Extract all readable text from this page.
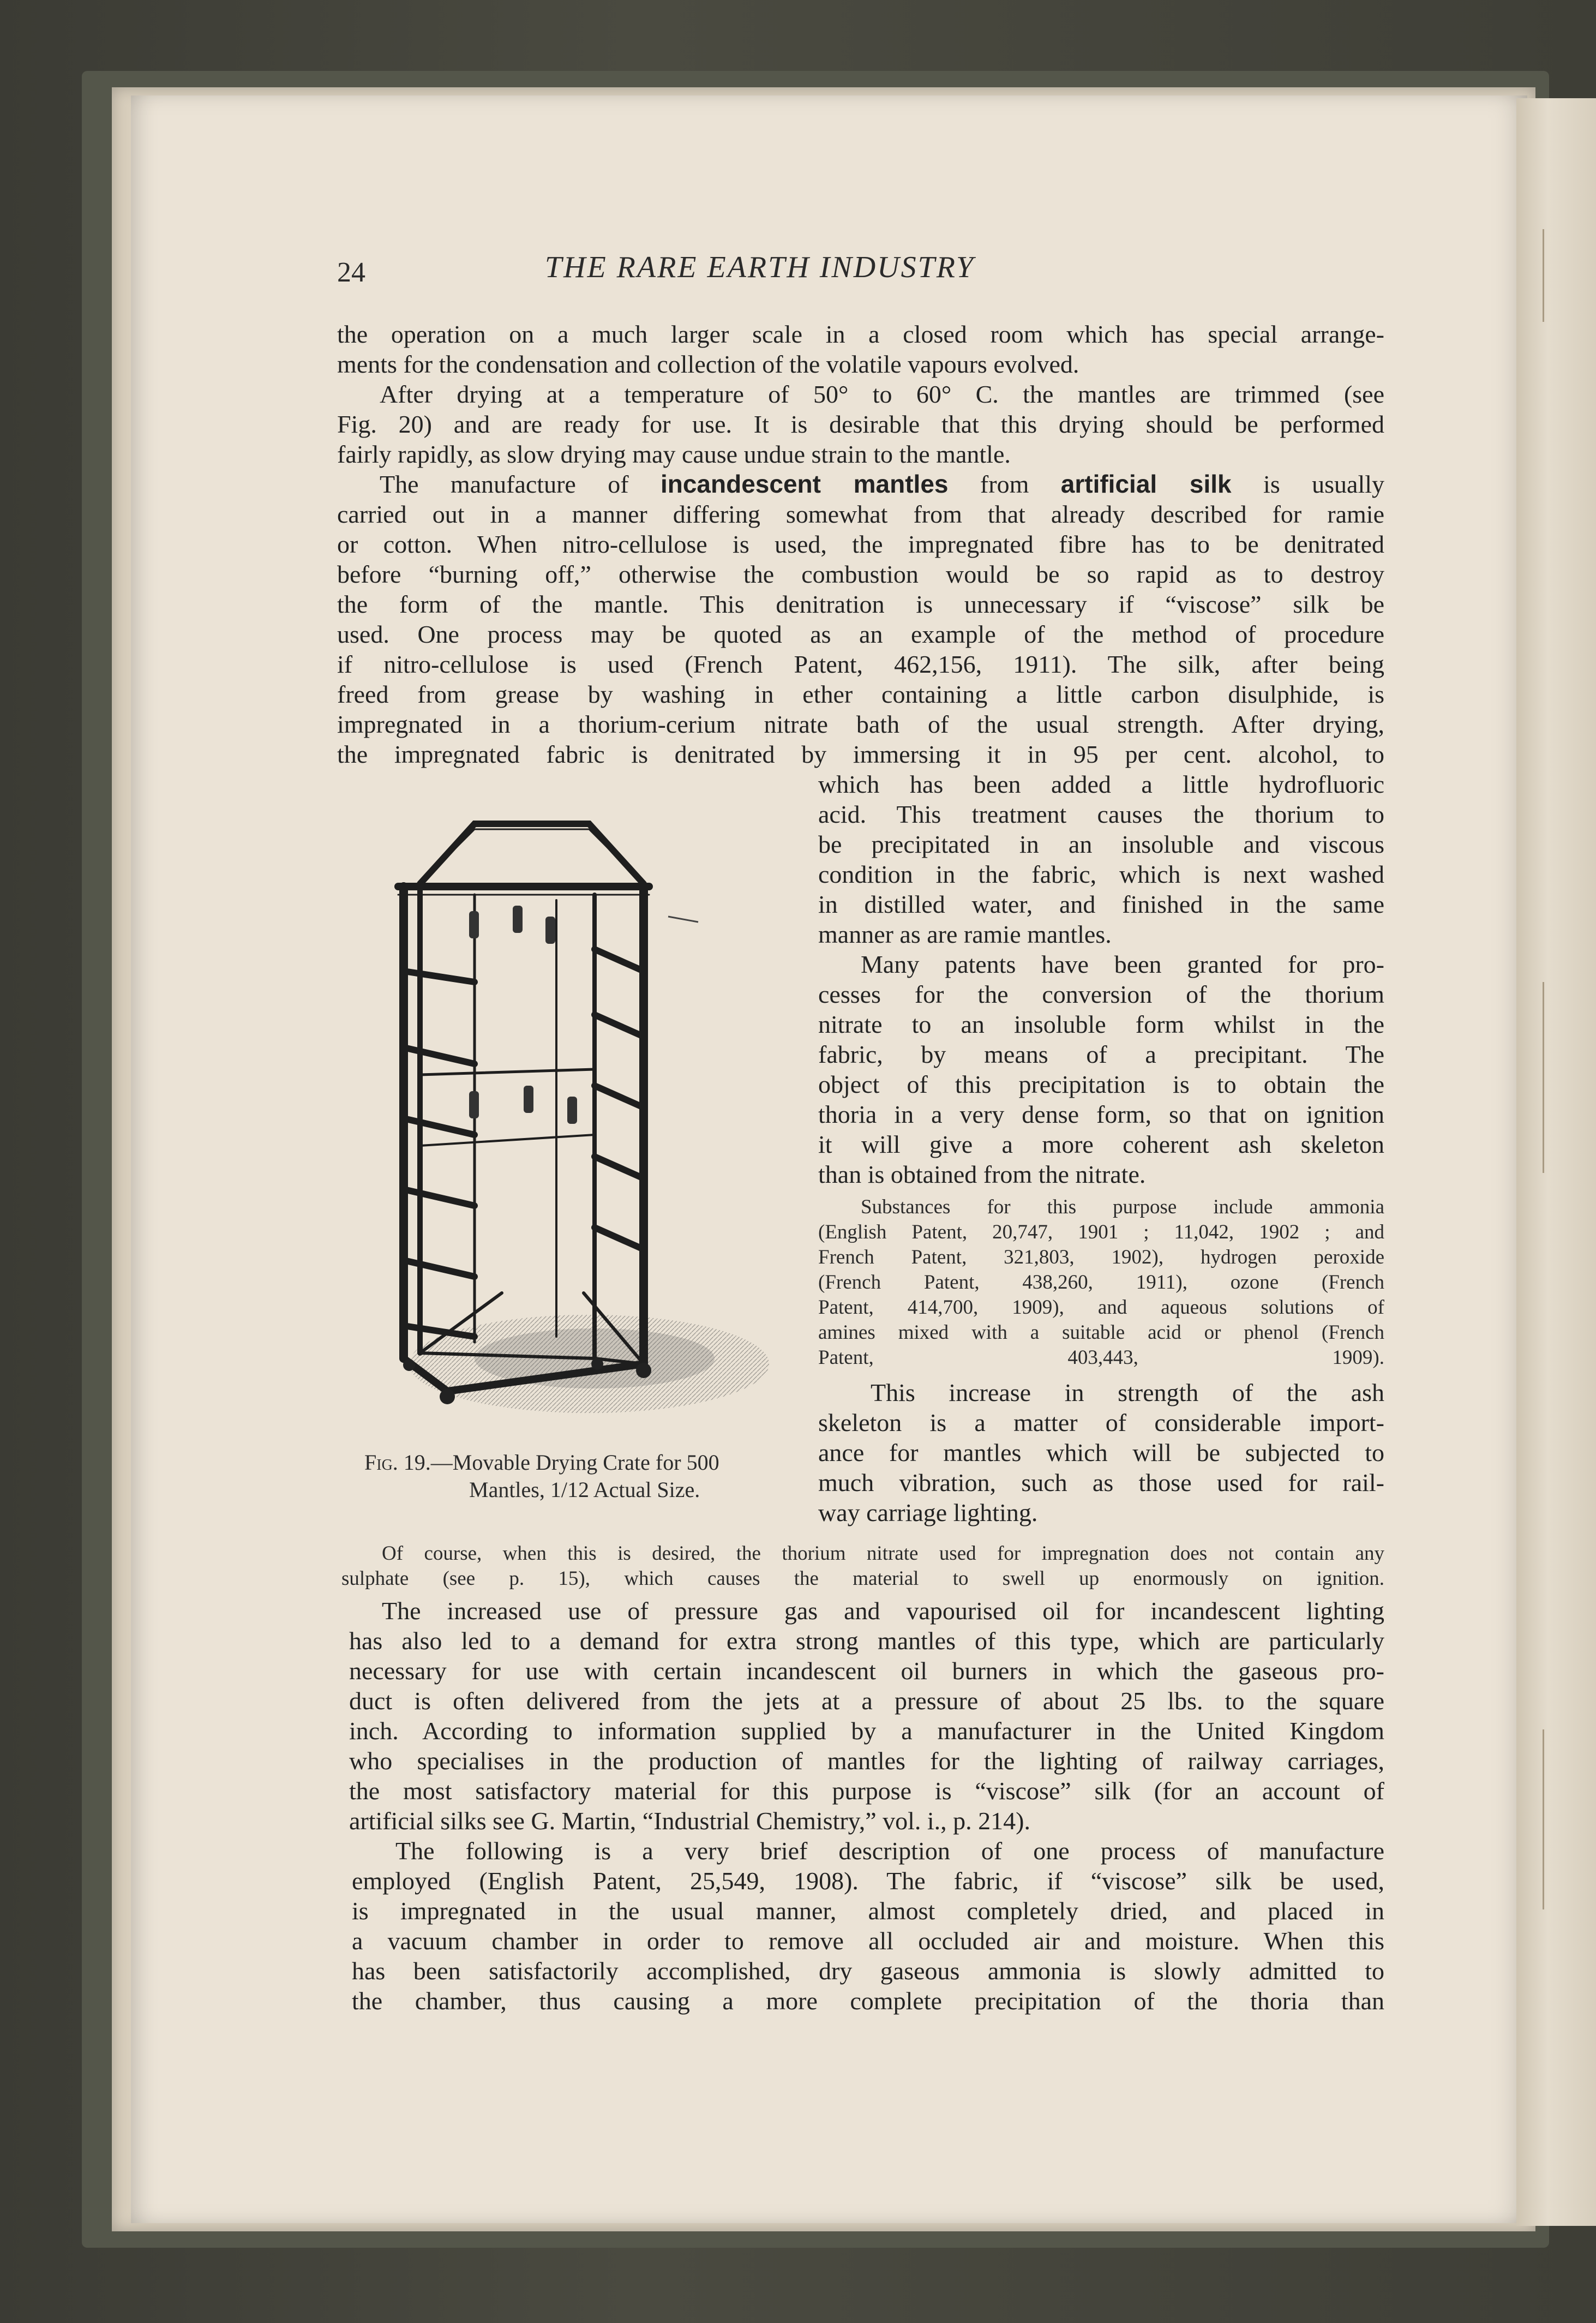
24	THE RARE EARTH INDUSTRY

the operation on a much larger scale in a closed room which has special arrange-

ments for the condensation and collection of the volatile vapours evolved.

After drying at a temperature of 50° to 60° C. the mantles are trimmed (see

Fig. 20) and are ready for use. It is desirable that this drying should be performed

fairly rapidly, as slow drying may cause undue strain to the mantle.

The manufacture of incandescent mantles from artificial silk is usually

carried out in a manner differing somewhat from that already described for ramie

or cotton. When nitro-cellulose is used, the impregnated fibre has to be denitrated

before “burning off,” otherwise the combustion would be so rapid as to destroy

the form of the mantle. This denitration is unnecessary if “viscose” silk be

used. One process may be quoted as an example of the method of procedure

if nitro-cellulose is used (French Patent, 462,156, 1911). The silk, after being

freed from grease by washing in ether containing a little carbon disulphide, is

impregnated in a thorium-cerium nitrate bath of the usual strength. After drying,

the impregnated fabric is denitrated by immersing it in 95 per cent. alcohol, to

which has been added a little hydrofluoric

acid. This treatment causes the thorium to

be precipitated in an insoluble and viscous

condition in the fabric, which is next washed

in distilled water, and finished in the same

manner as are ramie mantles.

Many patents have been granted for pro-

cesses for the conversion of the thorium

nitrate to an insoluble form whilst in the

fabric, by means of a precipitant. The

object of this precipitation is to obtain the

thoria in a very dense form, so that on ignition

it will give a more coherent ash skeleton

than is obtained from the nitrate.

Substances for this purpose include ammonia

(English Patent, 20,747, 1901 ; 11,042, 1902 ; and

French Patent, 321,803, 1902), hydrogen peroxide

(French Patent, 438,260, 1911), ozone (French

Patent, 414,700, 1909), and aqueous solutions of

amines mixed with a suitable acid or phenol (French

Patent, 403,443, 1909).

This increase in strength of the ash

skeleton is a matter of considerable import-

ance for mantles which will be subjected to

much vibration, such as those used for rail-

way carriage lighting.

Of course, when this is desired, the thorium nitrate used for impregnation does not contain any

sulphate (see p. 15), which causes the material to swell up enormously on ignition.

The increased use of pressure gas and vapourised oil for incandescent lighting

has also led to a demand for extra strong mantles of this type, which are particularly

necessary for use with certain incandescent oil burners in which the gaseous pro-

duct is often delivered from the jets at a pressure of about 25 lbs. to the square

inch. According to information supplied by a manufacturer in the United Kingdom

who specialises in the production of mantles for the lighting of railway carriages,

the most satisfactory material for this purpose is “viscose” silk (for an account of

artificial silks see G. Martin, “Industrial Chemistry,” vol. i., p. 214).

The following is a very brief description of one process of manufacture

employed (English Patent, 25,549, 1908). The fabric, if “viscose” silk be used,

is impregnated in the usual manner, almost completely dried, and placed in

a vacuum chamber in order to remove all occluded air and moisture. When this

has been satisfactorily accomplished, dry gaseous ammonia is slowly admitted to

the chamber, thus causing a more complete precipitation of the thoria than

Fig. 19.—Movable Drying Crate for 500

Mantles, 1/12 Actual Size.
